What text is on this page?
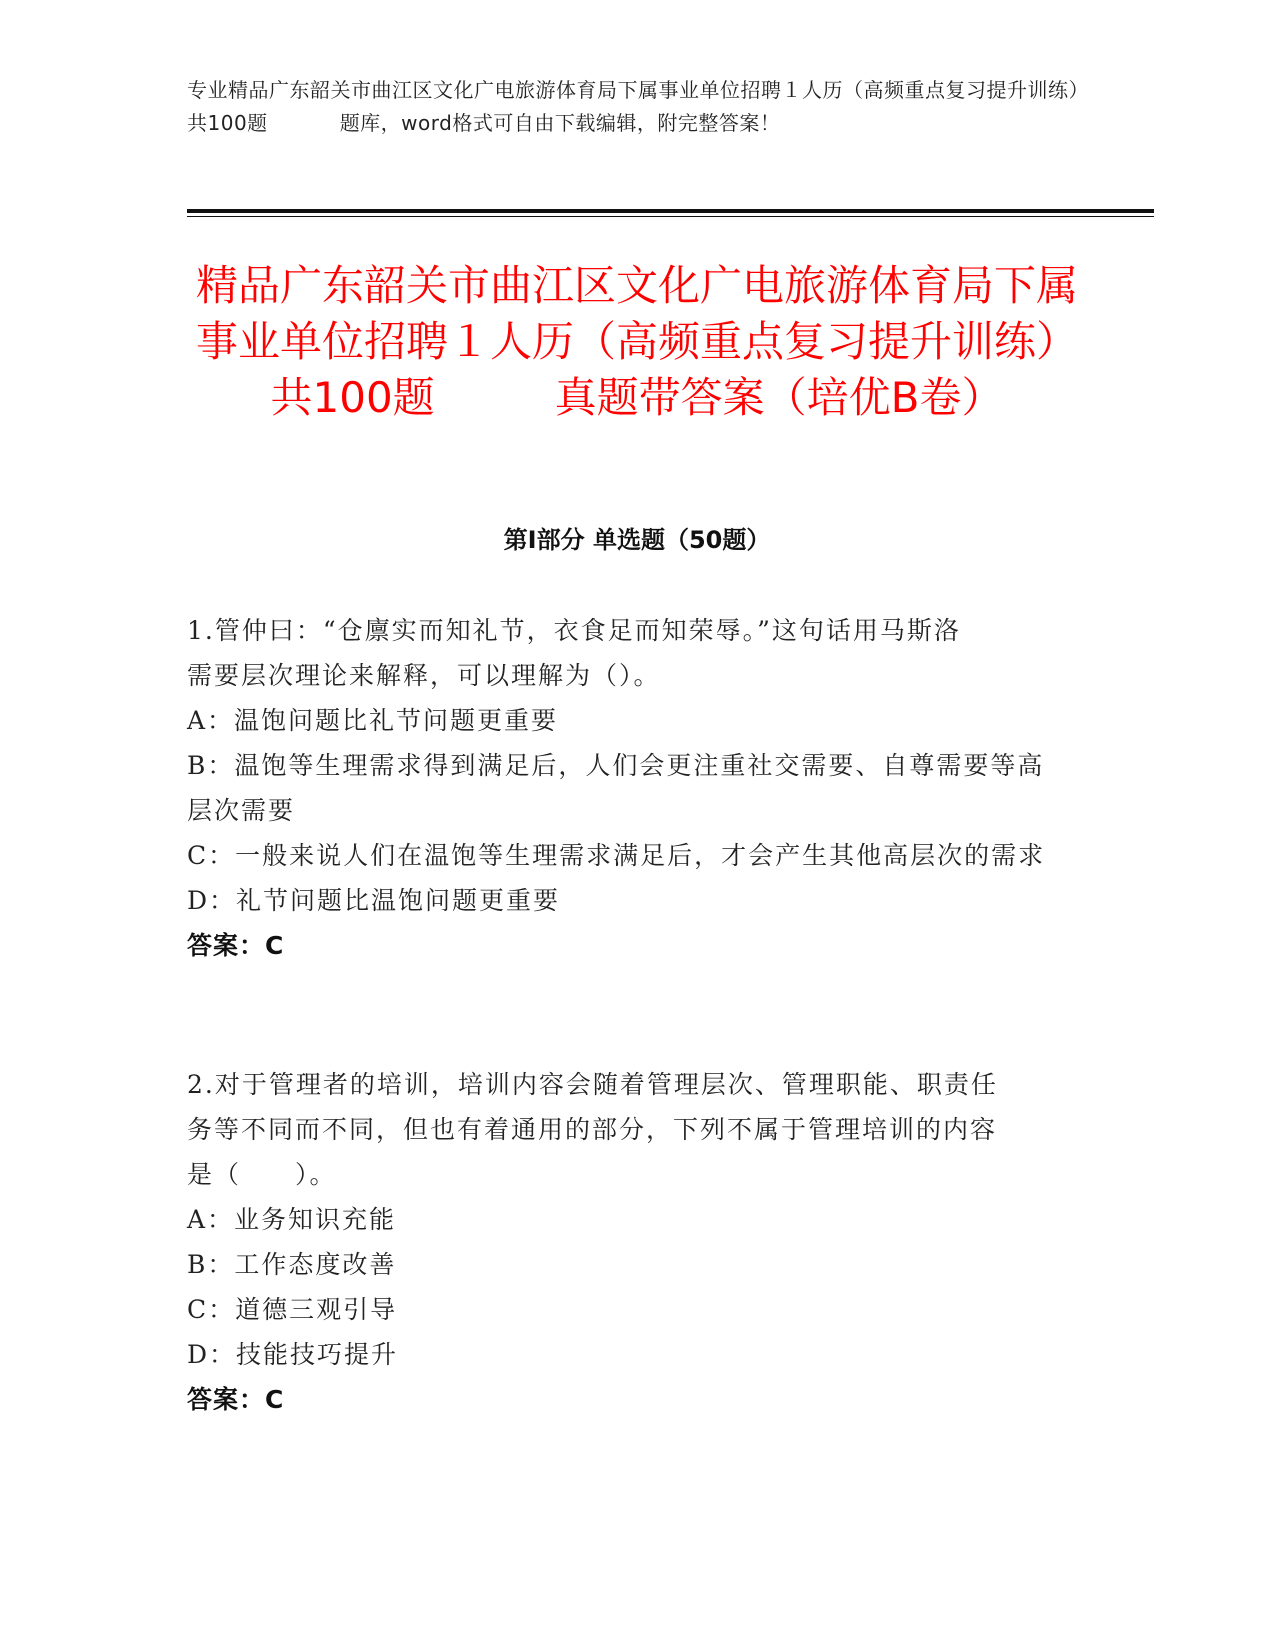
专业精品广东韶关市曲江区文化广电旅游体育局下属事业单位招聘１人历（高频重点复习提升训练）共100题	题库，word格式可自由下载编辑，附完整答案！
精品广东韶关市曲江区文化广电旅游体育局下属事业单位招聘１人历（高频重点复习提升训练）共100题	真题带答案（培优B卷）
第I部分 单选题（50题）
1.管仲曰：“仓廪实而知礼节，衣食足而知荣辱。”这句话用马斯洛
需要层次理论来解释，可以理解为（）。
A：温饱问题比礼节问题更重要
B：温饱等生理需求得到满足后，人们会更注重社交需要、自尊需要等高层次需要
C：一般来说人们在温饱等生理需求满足后，才会产生其他高层次的需求
D：礼节问题比温饱问题更重要
答案：C
2.对于管理者的培训，培训内容会随着管理层次、管理职能、职责任
务等不同而不同，但也有着通用的部分，下列不属于管理培训的内容
是（　　）。
A：业务知识充能
B：工作态度改善
C：道德三观引导
D：技能技巧提升
答案：C
